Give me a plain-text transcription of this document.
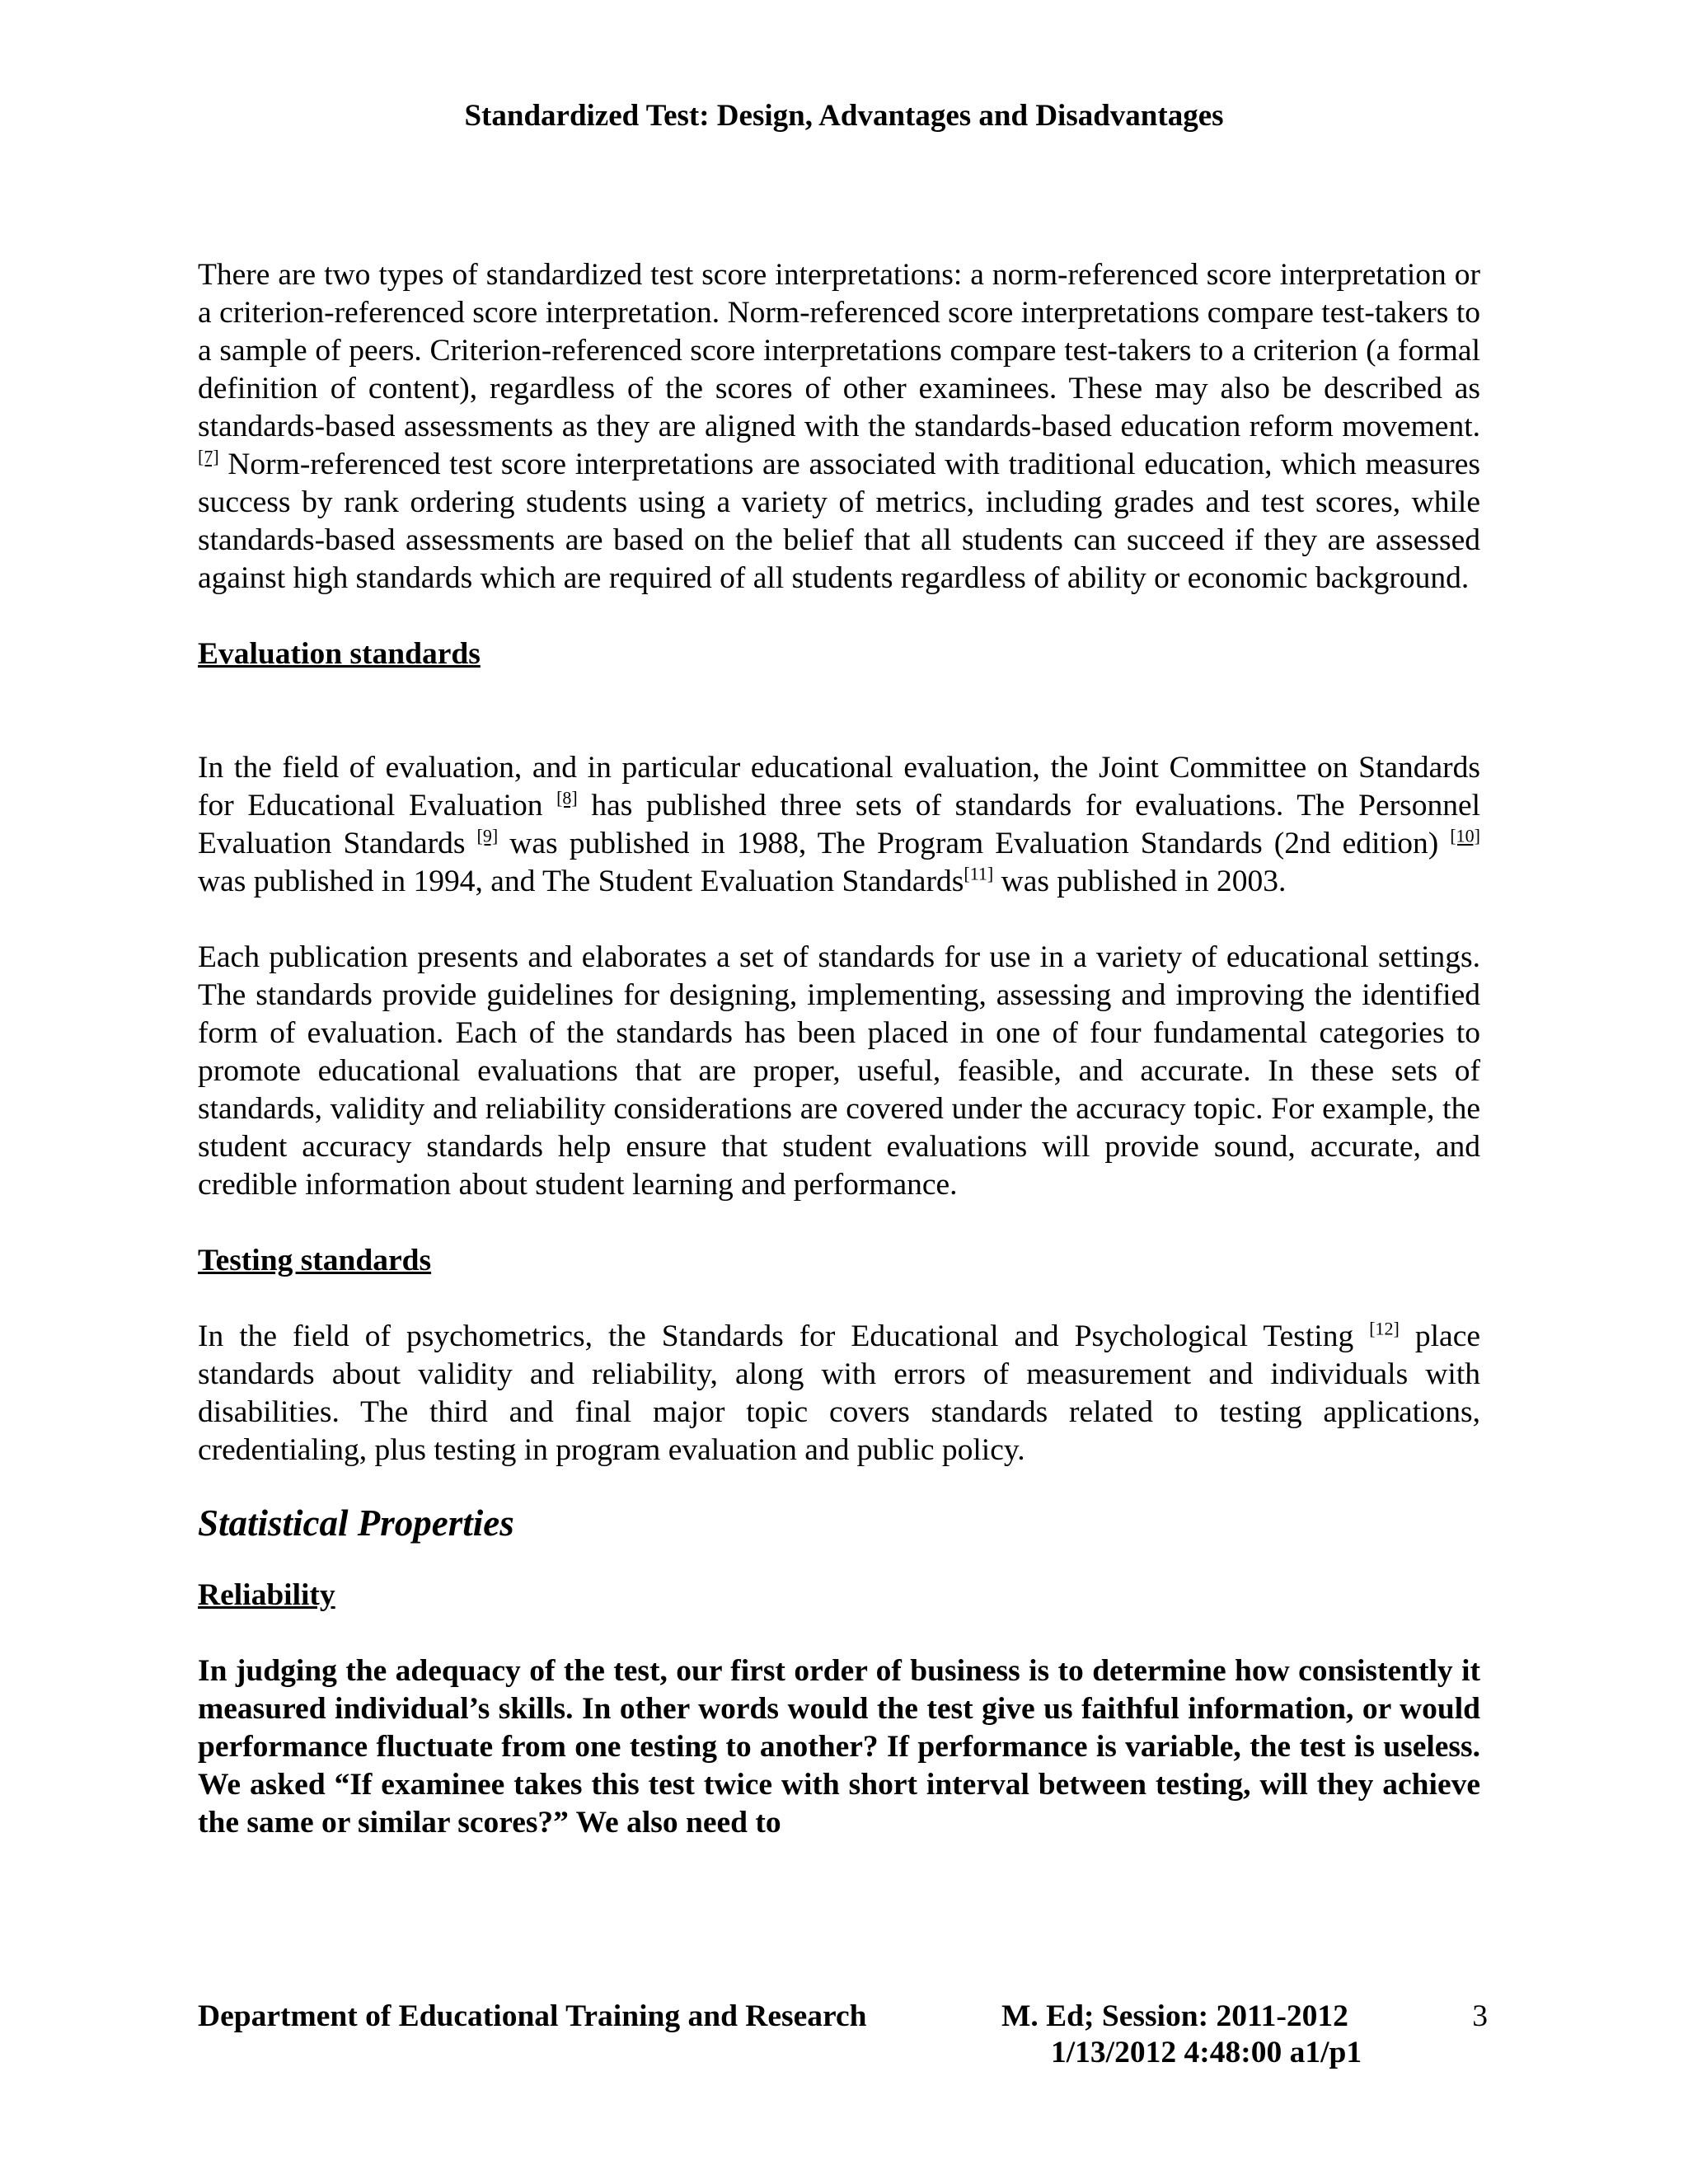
Standardized Test: Design, Advantages and Disadvantages

There are two types of standardized test score interpretations: a norm-referenced score interpretation or a criterion-referenced score interpretation. Norm-referenced score interpretations compare test-takers to a sample of peers. Criterion-referenced score interpretations compare test-takers to a criterion (a formal definition of content), regardless of the scores of other examinees. These may also be described as standards-based assessments as they are aligned with the standards-based education reform movement. [7] Norm-referenced test score interpretations are associated with traditional education, which measures success by rank ordering students using a variety of metrics, including grades and test scores, while standards-based assessments are based on the belief that all students can succeed if they are assessed against high standards which are required of all students regardless of ability or economic background.

Evaluation standards

In the field of evaluation, and in particular educational evaluation, the Joint Committee on Standards for Educational Evaluation [8] has published three sets of standards for evaluations. The Personnel Evaluation Standards [9] was published in 1988, The Program Evaluation Standards (2nd edition) [10] was published in 1994, and The Student Evaluation Standards[11] was published in 2003.

Each publication presents and elaborates a set of standards for use in a variety of educational settings. The standards provide guidelines for designing, implementing, assessing and improving the identified form of evaluation. Each of the standards has been placed in one of four fundamental categories to promote educational evaluations that are proper, useful, feasible, and accurate. In these sets of standards, validity and reliability considerations are covered under the accuracy topic. For example, the student accuracy standards help ensure that student evaluations will provide sound, accurate, and credible information about student learning and performance.

Testing standards

In the field of psychometrics, the Standards for Educational and Psychological Testing [12] place standards about validity and reliability, along with errors of measurement and individuals with disabilities. The third and final major topic covers standards related to testing applications, credentialing, plus testing in program evaluation and public policy.

Statistical Properties

Reliability

In judging the adequacy of the test, our first order of business is to determine how consistently it measured individual’s skills. In other words would the test give us faithful information, or would performance fluctuate from one testing to another? If performance is variable, the test is useless. We asked “If examinee takes this test twice with short interval between testing, will they achieve the same or similar scores?” We also need to

Department of Educational Training and Research	M. Ed; Session: 2011-2012
1/13/2012 4:48:00 a1/p1
3
